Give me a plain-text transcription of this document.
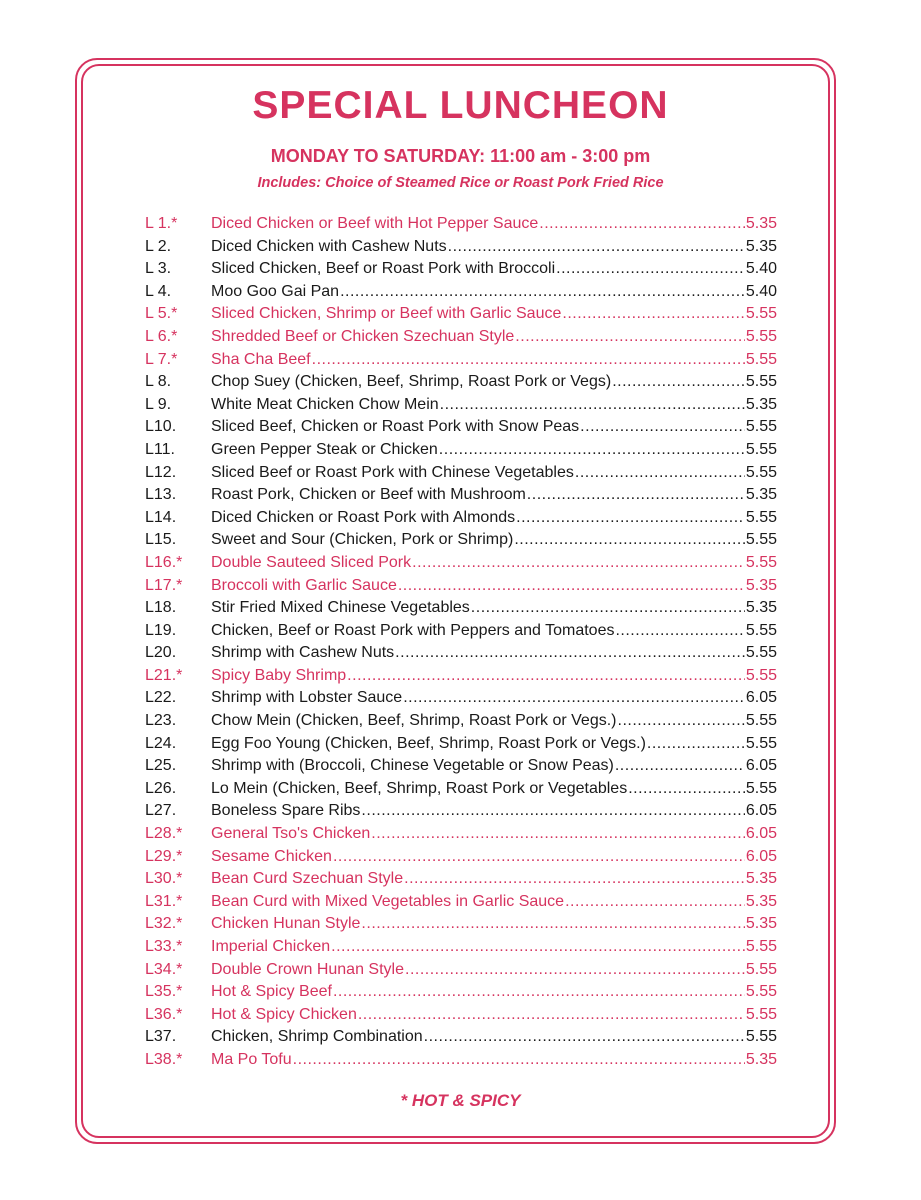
SPECIAL LUNCHEON
MONDAY TO SATURDAY: 11:00 am - 3:00 pm
Includes: Choice of Steamed Rice or Roast Pork Fried Rice
L 1.*	Diced Chicken or Beef with Hot Pepper Sauce .....	5.35
L 2.	Diced Chicken with Cashew Nuts .....	5.35
L 3.	Sliced Chicken, Beef or Roast Pork with Broccoli .....	5.40
L 4.	Moo Goo Gai Pan .....	5.40
L 5.*	Sliced Chicken, Shrimp or Beef with Garlic Sauce .....	5.55
L 6.*	Shredded Beef or Chicken Szechuan Style .....	5.55
L 7.*	Sha Cha Beef .....	5.55
L 8.	Chop Suey (Chicken, Beef, Shrimp, Roast Pork or Vegs) .....	5.55
L 9.	White Meat Chicken Chow Mein .....	5.35
L10.	Sliced Beef, Chicken or Roast Pork with Snow Peas .....	5.55
L11.	Green Pepper Steak or Chicken .....	5.55
L12.	Sliced Beef or Roast Pork with Chinese Vegetables .....	5.55
L13.	Roast Pork, Chicken or Beef with Mushroom .....	5.35
L14.	Diced Chicken or Roast Pork with Almonds .....	5.55
L15.	Sweet and Sour (Chicken, Pork or Shrimp) .....	5.55
L16.*	Double Sauteed Sliced Pork .....	5.55
L17.*	Broccoli with Garlic Sauce .....	5.35
L18.	Stir Fried Mixed Chinese Vegetables .....	5.35
L19.	Chicken, Beef or Roast Pork with Peppers and Tomatoes .....	5.55
L20.	Shrimp with Cashew Nuts .....	5.55
L21.*	Spicy Baby Shrimp .....	5.55
L22.	Shrimp with Lobster Sauce .....	6.05
L23.	Chow Mein (Chicken, Beef, Shrimp, Roast Pork or Vegs.) .....	5.55
L24.	Egg Foo Young (Chicken, Beef, Shrimp, Roast Pork or Vegs.) .....	5.55
L25.	Shrimp with (Broccoli, Chinese Vegetable or Snow Peas) .....	6.05
L26.	Lo Mein (Chicken, Beef, Shrimp, Roast Pork or Vegetables .....	5.55
L27.	Boneless Spare Ribs .....	6.05
L28.*	General Tso's Chicken .....	6.05
L29.*	Sesame Chicken .....	6.05
L30.*	Bean Curd Szechuan Style .....	5.35
L31.*	Bean Curd with Mixed Vegetables in Garlic Sauce .....	5.35
L32.*	Chicken Hunan Style .....	5.35
L33.*	Imperial Chicken .....	5.55
L34.*	Double Crown Hunan Style .....	5.55
L35.*	Hot & Spicy Beef .....	5.55
L36.*	Hot & Spicy Chicken .....	5.55
L37.	Chicken, Shrimp Combination .....	5.55
L38.*	Ma Po Tofu .....	5.35
* HOT & SPICY
